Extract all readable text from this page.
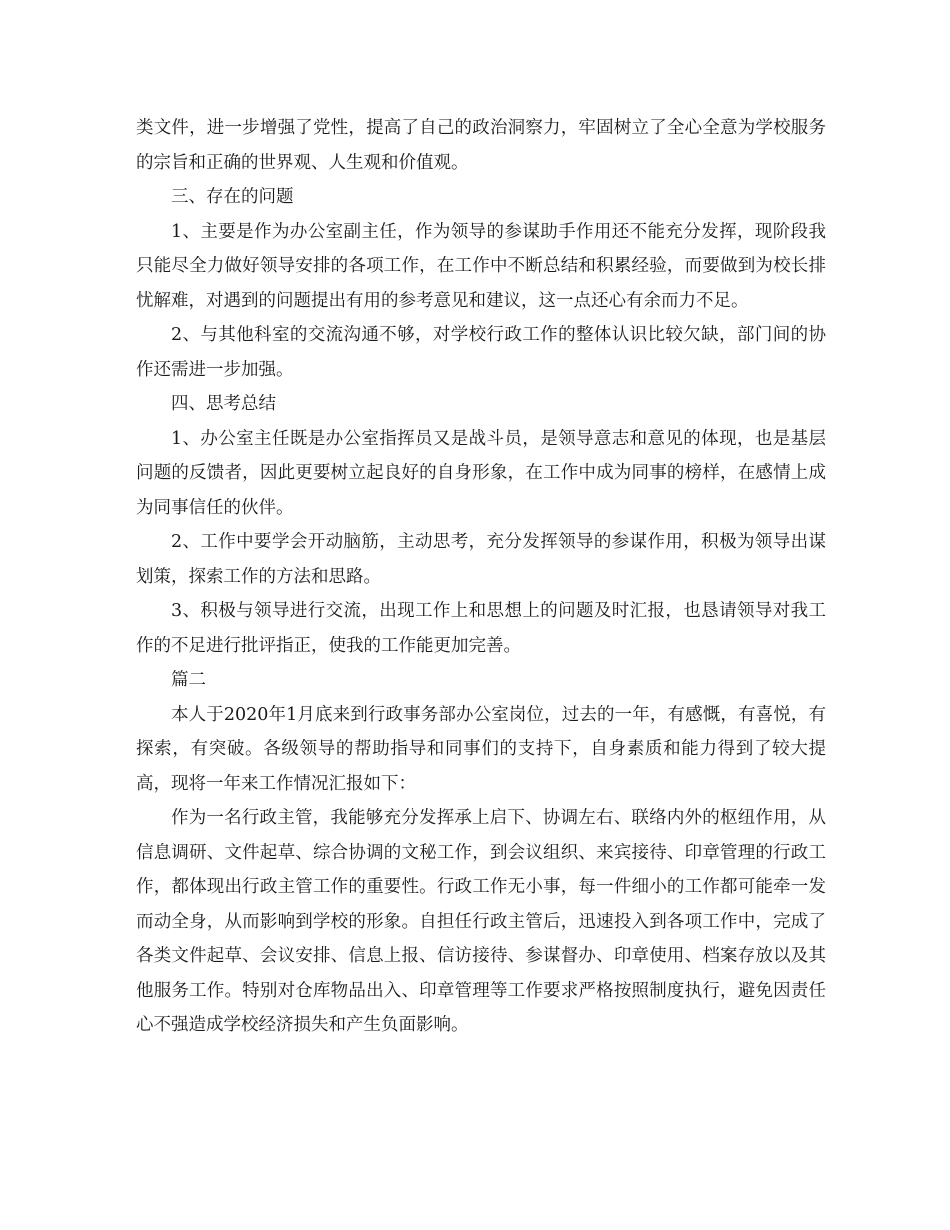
类文件，进一步增强了党性，提高了自己的政治洞察力，牢固树立了全心全意为学校服务的宗旨和正确的世界观、人生观和价值观。

三、存在的问题

1、主要是作为办公室副主任，作为领导的参谋助手作用还不能充分发挥，现阶段我只能尽全力做好领导安排的各项工作，在工作中不断总结和积累经验，而要做到为校长排忧解难，对遇到的问题提出有用的参考意见和建议，这一点还心有余而力不足。

2、与其他科室的交流沟通不够，对学校行政工作的整体认识比较欠缺，部门间的协作还需进一步加强。

四、思考总结

1、办公室主任既是办公室指挥员又是战斗员，是领导意志和意见的体现，也是基层问题的反馈者，因此更要树立起良好的自身形象，在工作中成为同事的榜样，在感情上成为同事信任的伙伴。

2、工作中要学会开动脑筋，主动思考，充分发挥领导的参谋作用，积极为领导出谋划策，探索工作的方法和思路。

3、积极与领导进行交流，出现工作上和思想上的问题及时汇报，也恳请领导对我工作的不足进行批评指正，使我的工作能更加完善。

篇二

本人于2020年1月底来到行政事务部办公室岗位，过去的一年，有感慨，有喜悦，有探索，有突破。各级领导的帮助指导和同事们的支持下，自身素质和能力得到了较大提高，现将一年来工作情况汇报如下：

作为一名行政主管，我能够充分发挥承上启下、协调左右、联络内外的枢纽作用，从信息调研、文件起草、综合协调的文秘工作，到会议组织、来宾接待、印章管理的行政工作，都体现出行政主管工作的重要性。行政工作无小事，每一件细小的工作都可能牵一发而动全身，从而影响到学校的形象。自担任行政主管后，迅速投入到各项工作中，完成了各类文件起草、会议安排、信息上报、信访接待、参谋督办、印章使用、档案存放以及其他服务工作。特别对仓库物品出入、印章管理等工作要求严格按照制度执行，避免因责任心不强造成学校经济损失和产生负面影响。
